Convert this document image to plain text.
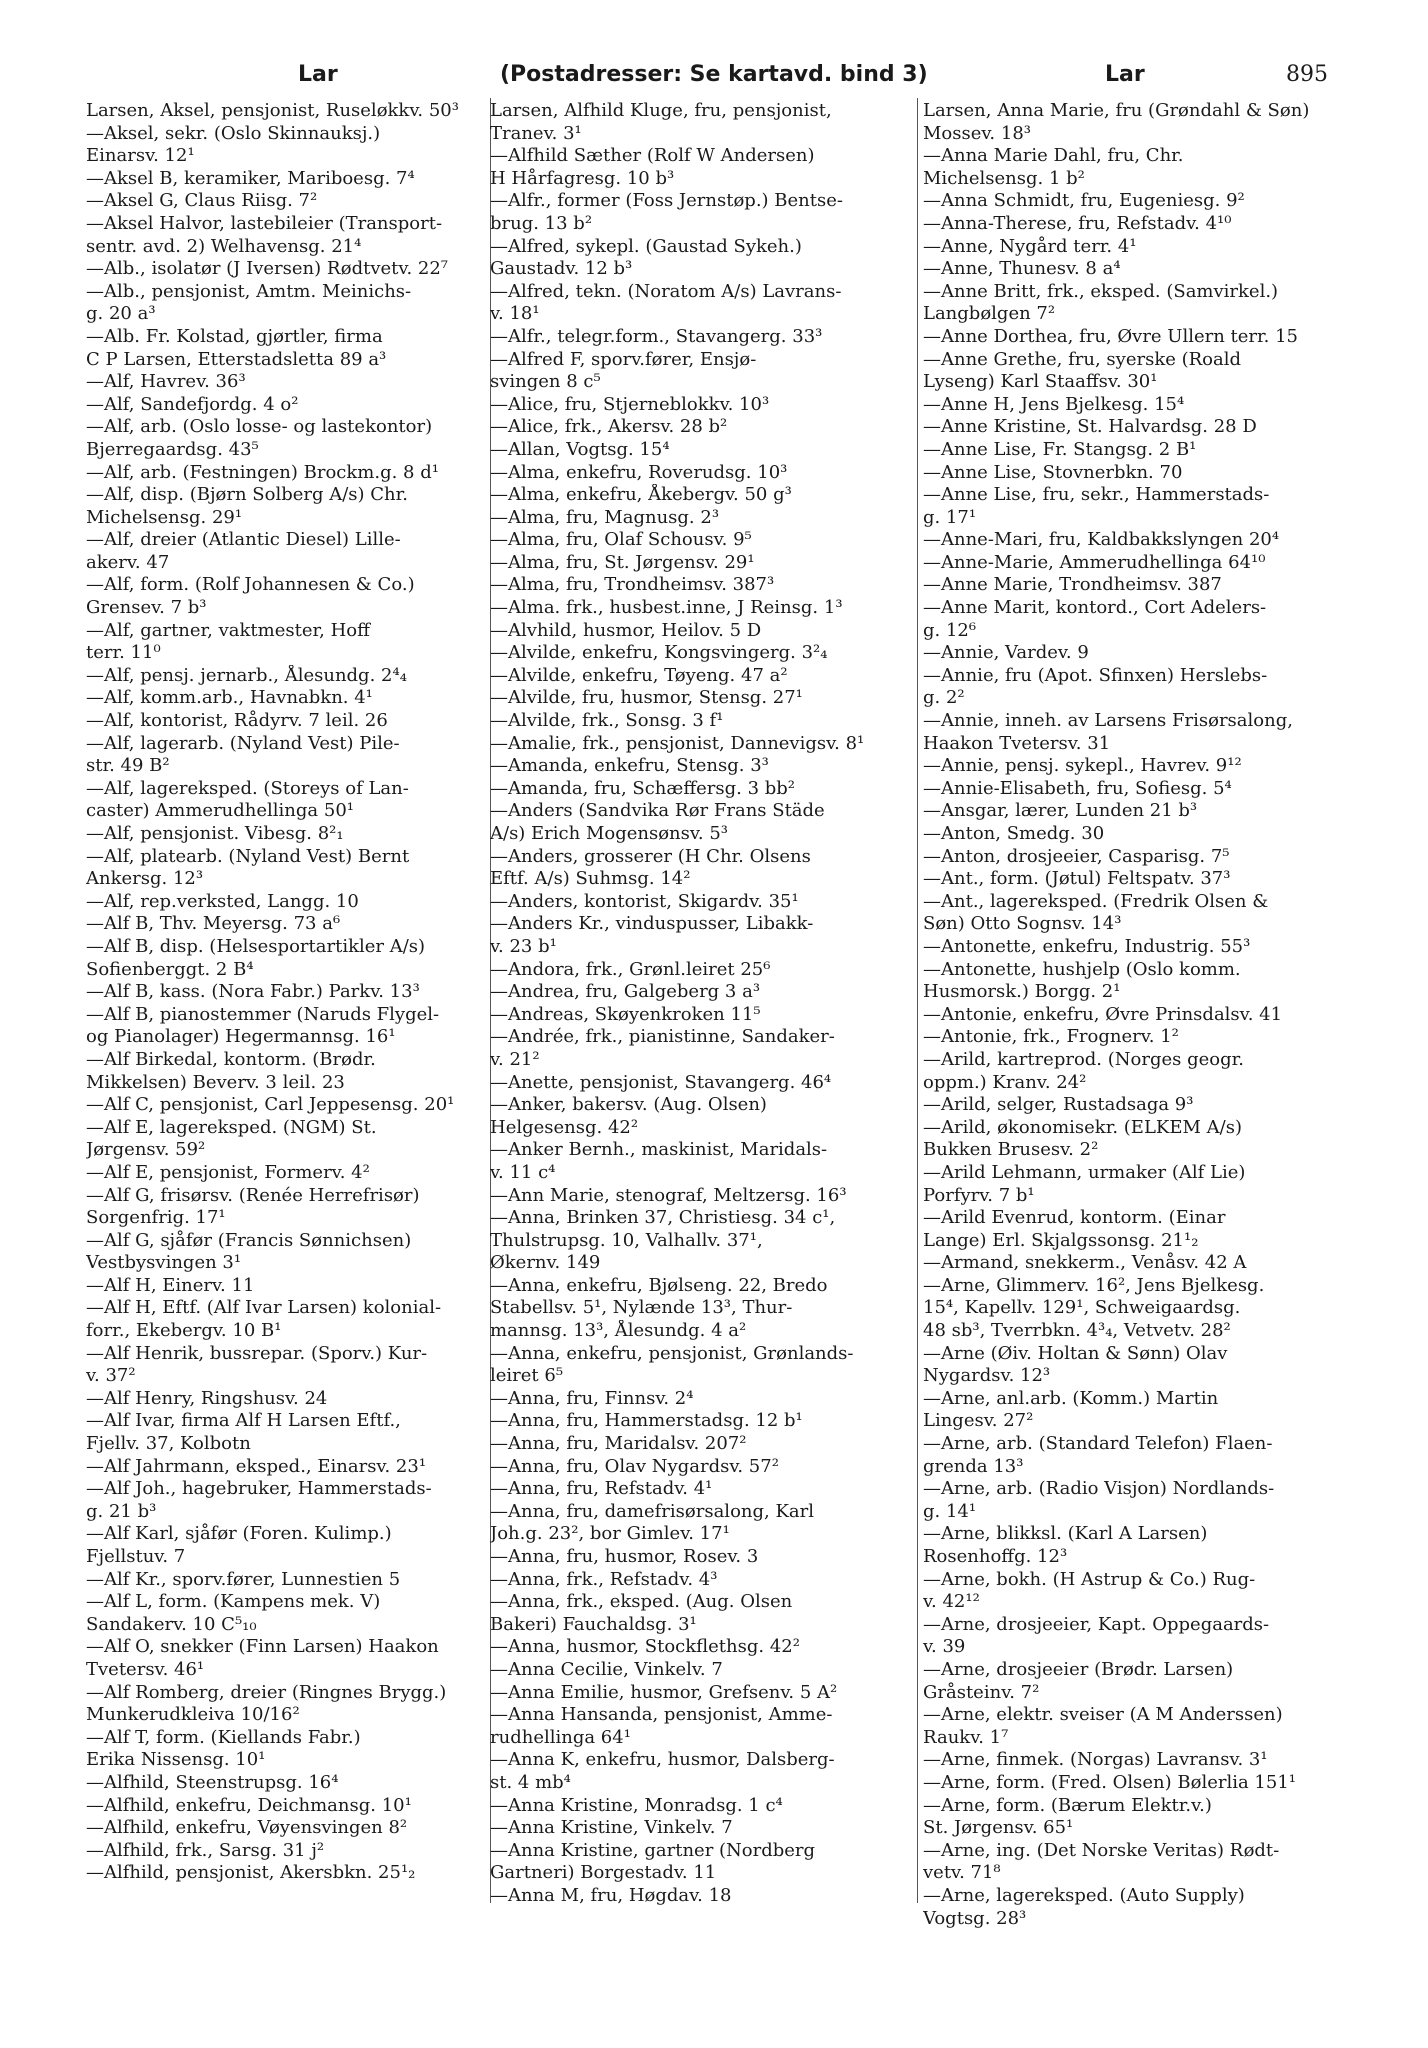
Lar	(Postadresser: Se kartavd. bind 3)	Lar	895
Larsen, Aksel, pensjonist, Ruseløkkv. 50³
—Aksel, sekr. (Oslo Skinnauksj.)
Einarsv. 12¹
—Aksel B, keramiker, Mariboesg. 7⁴
—Aksel G, Claus Riisg. 7²
—Aksel Halvor, lastebileier (Transport-
sentr. avd. 2) Welhavensg. 21⁴
—Alb., isolatør (J Iversen) Rødtvetv. 22⁷
—Alb., pensjonist, Amtm. Meinichs-
g. 20 a³
—Alb. Fr. Kolstad, gjørtler, firma
C P Larsen, Etterstadsletta 89 a³
—Alf, Havrev. 36³
—Alf, Sandefjordg. 4 o²
—Alf, arb. (Oslo losse- og lastekontor)
Bjerregaardsg. 43⁵
—Alf, arb. (Festningen) Brockm.g. 8 d¹
—Alf, disp. (Bjørn Solberg A/s) Chr.
Michelsensg. 29¹
—Alf, dreier (Atlantic Diesel) Lille-
akerv. 47
—Alf, form. (Rolf Johannesen & Co.)
Grensev. 7 b³
—Alf, gartner, vaktmester, Hoff
terr. 11⁰
—Alf, pensj. jernarb., Ålesundg. 2⁴₄
—Alf, komm.arb., Havnabkn. 4¹
—Alf, kontorist, Rådyrv. 7 leil. 26
—Alf, lagerarb. (Nyland Vest) Pile-
str. 49 B²
—Alf, lagereksped. (Storeys of Lan-
caster) Ammerudhellinga 50¹
—Alf, pensjonist. Vibesg. 8²₁
—Alf, platearb. (Nyland Vest) Bernt
Ankersg. 12³
—Alf, rep.verksted, Langg. 10
—Alf B, Thv. Meyersg. 73 a⁶
—Alf B, disp. (Helsesportartikler A/s)
Sofienberggt. 2 B⁴
—Alf B, kass. (Nora Fabr.) Parkv. 13³
—Alf B, pianostemmer (Naruds Flygel-
og Pianolager) Hegermannsg. 16¹
—Alf Birkedal, kontorm. (Brødr.
Mikkelsen) Beverv. 3 leil. 23
—Alf C, pensjonist, Carl Jeppesensg. 20¹
—Alf E, lagereksped. (NGM) St.
Jørgensv. 59²
—Alf E, pensjonist, Formerv. 4²
—Alf G, frisørsv. (Renée Herrefrisør)
Sorgenfrig. 17¹
—Alf G, sjåfør (Francis Sønnichsen)
Vestbysvingen 3¹
—Alf H, Einerv. 11
—Alf H, Eftf. (Alf Ivar Larsen) kolonial-
forr., Ekebergv. 10 B¹
—Alf Henrik, bussrepar. (Sporv.) Kur-
v. 37²
—Alf Henry, Ringshusv. 24
—Alf Ivar, firma Alf H Larsen Eftf.,
Fjellv. 37, Kolbotn
—Alf Jahrmann, eksped., Einarsv. 23¹
—Alf Joh., hagebruker, Hammerstads-
g. 21 b³
—Alf Karl, sjåfør (Foren. Kulimp.)
Fjellstuv. 7
—Alf Kr., sporv.fører, Lunnestien 5
—Alf L, form. (Kampens mek. V)
Sandakerv. 10 C⁵₁₀
—Alf O, snekker (Finn Larsen) Haakon
Tvetersv. 46¹
—Alf Romberg, dreier (Ringnes Brygg.)
Munkerudkleiva 10/16²
—Alf T, form. (Kiellands Fabr.)
Erika Nissensg. 10¹
—Alfhild, Steenstrupsg. 16⁴
—Alfhild, enkefru, Deichmansg. 10¹
—Alfhild, enkefru, Vøyensvingen 8²
—Alfhild, frk., Sarsg. 31 j²
—Alfhild, pensjonist, Akersbkn. 25¹₂
Larsen, Alfhild Kluge, fru, pensjonist,
Tranev. 3¹
—Alfhild Sæther (Rolf W Andersen)
H Hårfagresg. 10 b³
—Alfr., former (Foss Jernstøp.) Bentse-
brug. 13 b²
—Alfred, sykepl. (Gaustad Sykeh.)
Gaustadv. 12 b³
—Alfred, tekn. (Noratom A/s) Lavrans-
v. 18¹
—Alfr., telegr.form., Stavangerg. 33³
—Alfred F, sporv.fører, Ensjø-
svingen 8 c⁵
—Alice, fru, Stjerneblokkv. 10³
—Alice, frk., Akersv. 28 b²
—Allan, Vogtsg. 15⁴
—Alma, enkefru, Roverudsg. 10³
—Alma, enkefru, Åkebergv. 50 g³
—Alma, fru, Magnusg. 2³
—Alma, fru, Olaf Schousv. 9⁵
—Alma, fru, St. Jørgensv. 29¹
—Alma, fru, Trondheimsv. 387³
—Alma. frk., husbest.inne, J Reinsg. 1³
—Alvhild, husmor, Heilov. 5 D
—Alvilde, enkefru, Kongsvingerg. 3²₄
—Alvilde, enkefru, Tøyeng. 47 a²
—Alvilde, fru, husmor, Stensg. 27¹
—Alvilde, frk., Sonsg. 3 f¹
—Amalie, frk., pensjonist, Dannevigsv. 8¹
—Amanda, enkefru, Stensg. 3³
—Amanda, fru, Schæffersg. 3 bb²
—Anders (Sandvika Rør Frans Städe
A/s) Erich Mogensønsv. 5³
—Anders, grosserer (H Chr. Olsens
Eftf. A/s) Suhmsg. 14²
—Anders, kontorist, Skigardv. 35¹
—Anders Kr., vinduspusser, Libakk-
v. 23 b¹
—Andora, frk., Grønl.leiret 25⁶
—Andrea, fru, Galgeberg 3 a³
—Andreas, Skøyenkroken 11⁵
—Andrée, frk., pianistinne, Sandaker-
v. 21²
—Anette, pensjonist, Stavangerg. 46⁴
—Anker, bakersv. (Aug. Olsen)
Helgesensg. 42²
—Anker Bernh., maskinist, Maridals-
v. 11 c⁴
—Ann Marie, stenograf, Meltzersg. 16³
—Anna, Brinken 37, Christiesg. 34 c¹,
Thulstrupsg. 10, Valhallv. 37¹,
Økernv. 149
—Anna, enkefru, Bjølseng. 22, Bredo
Stabellsv. 5¹, Nylænde 13³, Thur-
mannsg. 13³, Ålesundg. 4 a²
—Anna, enkefru, pensjonist, Grønlands-
leiret 6⁵
—Anna, fru, Finnsv. 2⁴
—Anna, fru, Hammerstadsg. 12 b¹
—Anna, fru, Maridalsv. 207²
—Anna, fru, Olav Nygardsv. 57²
—Anna, fru, Refstadv. 4¹
—Anna, fru, damefrisørsalong, Karl
Joh.g. 23², bor Gimlev. 17¹
—Anna, fru, husmor, Rosev. 3
—Anna, frk., Refstadv. 4³
—Anna, frk., eksped. (Aug. Olsen
Bakeri) Fauchaldsg. 3¹
—Anna, husmor, Stockflethsg. 42²
—Anna Cecilie, Vinkelv. 7
—Anna Emilie, husmor, Grefsenv. 5 A²
—Anna Hansanda, pensjonist, Amme-
rudhellinga 64¹
—Anna K, enkefru, husmor, Dalsberg-
st. 4 mb⁴
—Anna Kristine, Monradsg. 1 c⁴
—Anna Kristine, Vinkelv. 7
—Anna Kristine, gartner (Nordberg
Gartneri) Borgestadv. 11
—Anna M, fru, Høgdav. 18
Larsen, Anna Marie, fru (Grøndahl & Søn)
Mossev. 18³
—Anna Marie Dahl, fru, Chr.
Michelsensg. 1 b²
—Anna Schmidt, fru, Eugeniesg. 9²
—Anna-Therese, fru, Refstadv. 4¹⁰
—Anne, Nygård terr. 4¹
—Anne, Thunesv. 8 a⁴
—Anne Britt, frk., eksped. (Samvirkel.)
Langbølgen 7²
—Anne Dorthea, fru, Øvre Ullern terr. 15
—Anne Grethe, fru, syerske (Roald
Lyseng) Karl Staaffsv. 30¹
—Anne H, Jens Bjelkesg. 15⁴
—Anne Kristine, St. Halvardsg. 28 D
—Anne Lise, Fr. Stangsg. 2 B¹
—Anne Lise, Stovnerbkn. 70
—Anne Lise, fru, sekr., Hammerstads-
g. 17¹
—Anne-Mari, fru, Kaldbakkslyngen 20⁴
—Anne-Marie, Ammerudhellinga 64¹⁰
—Anne Marie, Trondheimsv. 387
—Anne Marit, kontord., Cort Adelers-
g. 12⁶
—Annie, Vardev. 9
—Annie, fru (Apot. Sfinxen) Herslebs-
g. 2²
—Annie, inneh. av Larsens Frisørsalong,
Haakon Tvetersv. 31
—Annie, pensj. sykepl., Havrev. 9¹²
—Annie-Elisabeth, fru, Sofiesg. 5⁴
—Ansgar, lærer, Lunden 21 b³
—Anton, Smedg. 30
—Anton, drosjeeier, Casparisg. 7⁵
—Ant., form. (Jøtul) Feltspatv. 37³
—Ant., lagereksped. (Fredrik Olsen &
Søn) Otto Sognsv. 14³
—Antonette, enkefru, Industrig. 55³
—Antonette, hushjelp (Oslo komm.
Husmorsk.) Borgg. 2¹
—Antonie, enkefru, Øvre Prinsdalsv. 41
—Antonie, frk., Frognerv. 1²
—Arild, kartreprod. (Norges geogr.
oppm.) Kranv. 24²
—Arild, selger, Rustadsaga 9³
—Arild, økonomisekr. (ELKEM A/s)
Bukken Brusesv. 2²
—Arild Lehmann, urmaker (Alf Lie)
Porfyrv. 7 b¹
—Arild Evenrud, kontorm. (Einar
Lange) Erl. Skjalgssonsg. 21¹₂
—Armand, snekkerm., Venåsv. 42 A
—Arne, Glimmerv. 16², Jens Bjelkesg.
15⁴, Kapellv. 129¹, Schweigaardsg.
48 sb³, Tverrbkn. 4³₄, Vetvetv. 28²
—Arne (Øiv. Holtan & Sønn) Olav
Nygardsv. 12³
—Arne, anl.arb. (Komm.) Martin
Lingesv. 27²
—Arne, arb. (Standard Telefon) Flaen-
grenda 13³
—Arne, arb. (Radio Visjon) Nordlands-
g. 14¹
—Arne, blikksl. (Karl A Larsen)
Rosenhoffg. 12³
—Arne, bokh. (H Astrup & Co.) Rug-
v. 42¹²
—Arne, drosjeeier, Kapt. Oppegaards-
v. 39
—Arne, drosjeeier (Brødr. Larsen)
Gråsteinv. 7²
—Arne, elektr. sveiser (A M Anderssen)
Raukv. 1⁷
—Arne, finmek. (Norgas) Lavransv. 3¹
—Arne, form. (Fred. Olsen) Bølerlia 151¹
—Arne, form. (Bærum Elektr.v.)
St. Jørgensv. 65¹
—Arne, ing. (Det Norske Veritas) Rødt-
vetv. 71⁸
—Arne, lagereksped. (Auto Supply)
Vogtsg. 28³
